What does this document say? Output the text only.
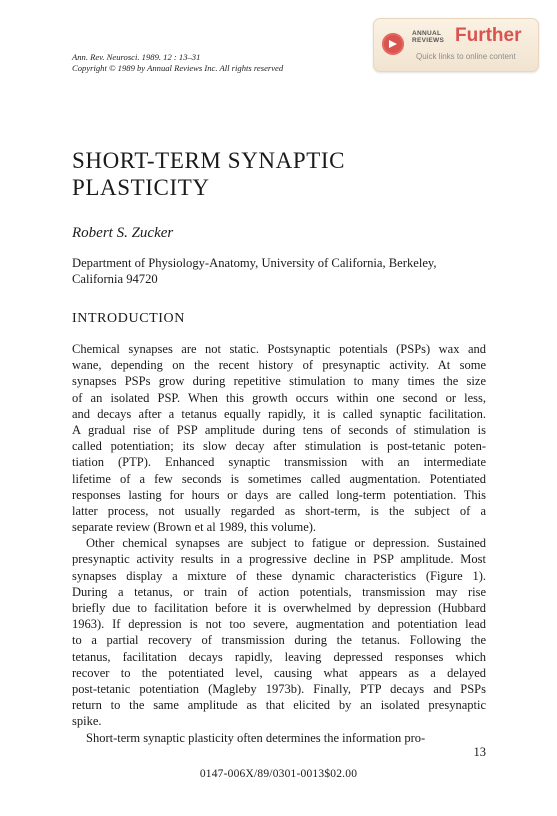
Ann. Rev. Neurosci. 1989. 12 : 13–31
Copyright © 1989 by Annual Reviews Inc. All rights reserved
ANNUAL
REVIEWS Further
Quick links to online content
SHORT-TERM SYNAPTIC
PLASTICITY
Robert S. Zucker
Department of Physiology-Anatomy, University of California, Berkeley,
California 94720
INTRODUCTION
Chemical synapses are not static. Postsynaptic potentials (PSPs) wax and
wane, depending on the recent history of presynaptic activity. At some
synapses PSPs grow during repetitive stimulation to many times the size
of an isolated PSP. When this growth occurs within one second or less,
and decays after a tetanus equally rapidly, it is called synaptic facilitation.
A gradual rise of PSP amplitude during tens of seconds of stimulation is
called potentiation; its slow decay after stimulation is post-tetanic poten-
tiation (PTP). Enhanced synaptic transmission with an intermediate
lifetime of a few seconds is sometimes called augmentation. Potentiated
responses lasting for hours or days are called long-term potentiation. This
latter process, not usually regarded as short-term, is the subject of a
separate review (Brown et al 1989, this volume).
Other chemical synapses are subject to fatigue or depression. Sustained
presynaptic activity results in a progressive decline in PSP amplitude. Most
synapses display a mixture of these dynamic characteristics (Figure 1).
During a tetanus, or train of action potentials, transmission may rise
briefly due to facilitation before it is overwhelmed by depression (Hubbard
1963). If depression is not too severe, augmentation and potentiation lead
to a partial recovery of transmission during the tetanus. Following the
tetanus, facilitation decays rapidly, leaving depressed responses which
recover to the potentiated level, causing what appears as a delayed
post-tetanic potentiation (Magleby 1973b). Finally, PTP decays and PSPs
return to the same amplitude as that elicited by an isolated presynaptic
spike.
Short-term synaptic plasticity often determines the information pro-
13
0147-006X/89/0301-0013$02.00
